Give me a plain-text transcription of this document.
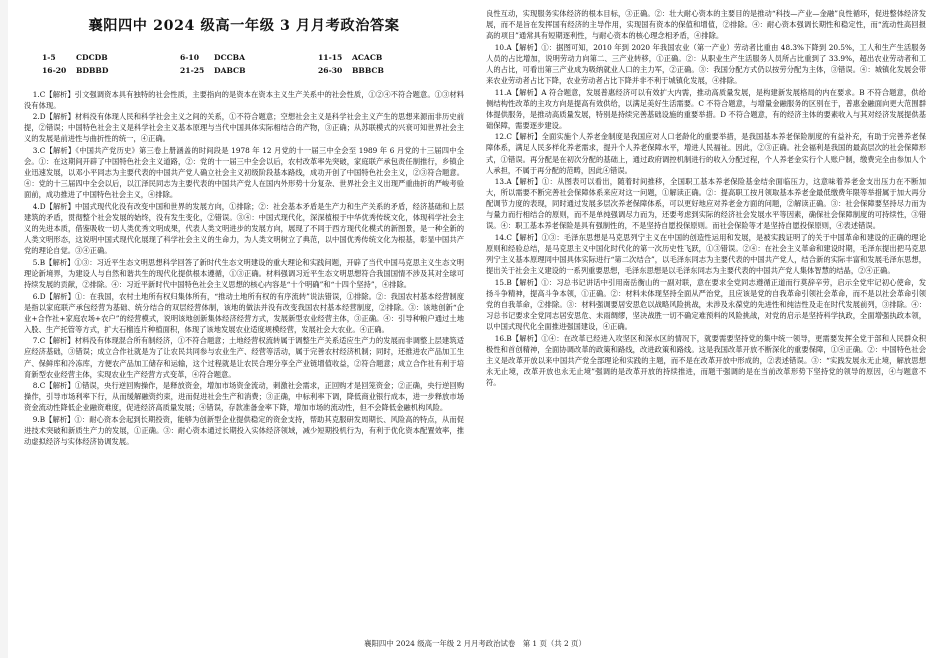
襄阳四中 2024 级高一年级 3 月月考政治答案
1-5	CDCDB	6-10	DCCBA	11-15	ACACB
16-20	BDBBD	21-25	DABCB	26-30	BBBCB

1.C【解析】引文强调资本具有独特的社会性质，主要指向的是资本在资本主义生产关系中的社会性质，①②④不符合题意。①③材料没有体现。

2.D【解析】材料没有体现人民和科学社会主义之间的关系，①不符合题意；空想社会主义是科学社会主义产生的思想来源而非历史前提，②错误；中国特色社会主义是科学社会主义基本原理与当代中国具体实际相结合的产物，③正确；从苏联模式的兴衰可知世界社会主义的发展是前进性与曲折性的统一，④正确。

3.C【解析】《中国共产党历史》第三卷上册涵盖的时间段是 1978 年 12 月党的十一届三中全会至 1989 年 6 月党的十三届四中全会。①：在这期间开辟了中国特色社会主义道路，②：党的十一届三中全会以后，农村改革率先突破，家庭联产承包责任制推行，乡镇企业迅速发展，以邓小平同志为主要代表的中国共产党人确立社会主义初级阶段基本路线，成功开创了中国特色社会主义，②③符合题意。④：党的十三届四中全会以后，以江泽民同志为主要代表的中国共产党人在国内外形势十分复杂、世界社会主义出现严重曲折的严峻考验面前，成功推进了中国特色社会主义，④排除。

4.D【解析】中国式现代化没有改变中国和世界的发展方向，①排除；②：社会基本矛盾是生产力和生产关系的矛盾，经济基础和上层建筑的矛盾，贯彻整个社会发展的始终，没有发生变化，②错误。③④：中国式现代化，深深植根于中华优秀传统文化，体现科学社会主义的先进本质，借鉴吸收一切人类优秀文明成果，代表人类文明进步的发展方向，展现了不同于西方现代化模式的新图景，是一种全新的人类文明形态，这说明中国式现代化展现了科学社会主义的生命力，为人类文明树立了典范，以中国优秀传统文化为根基，彰显中国共产党的理论自觉。③④正确。

5.B【解析】①③：习近平生态文明思想科学回答了新时代生态文明建设的重大理论和实践问题，开辟了当代中国马克思主义生态文明理论新境界，为建设人与自然和谐共生的现代化提供根本遵循，①③正确。材料强调习近平生态文明思想符合我国国情不涉及其对全球可持续发展的贡献，②排除。④：习近平新时代中国特色社会主义思想的核心内容是“十个明确”和“十四个坚持”，④排除。

6.D【解析】①：在我国，农村土地所有权归集体所有，“推动土地所有权的有序流转”说法错误，①排除。②：我国农村基本经营制度是指以家庭联产承包经营为基础、统分结合的双层经营体制，该地的做法并没有改变我国农村基本经营制度，②排除。③：该地创新“企业+合作社+家庭农场+农户”的经营模式，说明该地创新集体经济经营方式，发展新型农业经营主体，③正确。④：引导种粮户通过土地入股、生产托管等方式，扩大石榴连片种植面积，体现了该地发展农业适度规模经营，发展社会大农业。④正确。

7.C【解析】材料没有体现混合所有制经济，①不符合题意；土地经营权流转属于调整生产关系适应生产力的发展而非调整上层建筑适应经济基础，③错误；成立合作社就是为了让农民共同参与农业生产、经营等活动，属于完善农村经济机制；同时，还推进农产品加工生产、保鲜库和冷冻库，方便农产品加工储存和运输，这个过程就是让农民合理分享全产业链增值收益，②符合题意；成立合作社有利于培育新型农业经营主体，实现农业生产经营方式变革，④符合题意。

8.C【解析】①错误，央行逆回购操作，是释放资金，增加市场资金流动，刺激社会需求，正回购才是回笼资金；②正确，央行逆回购操作，引导市场利率下行，从而缓解融资约束，进而促进社会生产和消费；③正确，中标利率下调，降低商业银行成本，进一步释放市场资金流动性降低企业融资难度，促进经济高质量发展；④错误，存款准备金率下降，增加市场的流动性，但不会降低金融机构风险。

9.B【解析】①：耐心资本会起到长期投资，能够为创新型企业提供稳定的资金支持，帮助其克服研发周期长、风险高的特点，从而促进技术突破和新质生产力的发展，①正确。③：耐心资本通过长期投入实体经济领域，减少短期投机行为，有利于优化资本配置效率，推动虚拟经济与实体经济协调发展。

良性互动，实现服务实体经济的根本目标，③正确。②：壮大耐心资本的主要目的是推动“科技—产业—金融”良性循环，促进整体经济发展，而不是旨在发挥国有经济的主导作用，实现国有资本的保值和增值，②排除。④：耐心资本强调长期性和稳定性，而“流动性高回报高的项目”通常具有短期逐利性，与耐心资本的核心理念相矛盾，④排除。

10.A【解析】①：据图可知，2010 年到 2020 年我国农业（第一产业）劳动者比重由 48.3%下降到 20.5%，工人和生产生活服务人员的占比增加，说明劳动力向第二、三产业转移，①正确。②：从职业生产生活服务人员所占比重到了 33.9%，超出农业劳动者和工人的占比，可看出第三产业成为吸纳就业人口的主力军，②正确。③：我国分配方式仍以按劳分配为主体，③错误。④：城镇化发展会带来农业劳动者占比下降，农业劳动者占比下降并非不利于城镇化发展，④排除。

11.A【解析】A 符合题意，发展普惠经济可以有效扩大内需，推动高质量发展，是构建新发展格局的内在要求。B 不符合题意，供给侧结构性改革的主攻方向是提高有效供给，以满足美好生活需要。C 不符合题意，与增量金融服务的区别在于，普惠金融面向更大范围群体提供服务，是推动高质量发展，特别是持续完善基础设施的重要举措。D 不符合题意，有的经济主体的要素收入与其对经济发展提供基础保障，需要逐步建设。

12.C【解析】全面实施个人养老金制度是我国应对人口老龄化的重要举措，是我国基本养老保险制度的有益补充，有助于完善养老保障体系，满足人民多样化养老需求，提升个人养老保障水平，增进人民福祉。因此，②③正确。社会福利是我国的最高层次的社会保障形式，①错误。再分配是在初次分配的基础上，通过政府调控机制进行的收入分配过程，个人养老金实行个人账户制，缴费完全由参加人个人承担，不属于再分配的范畴，因此④错误。

13.A【解析】①：从图表可以看出，随着时间推移，全国职工基本养老保险基金结余面临压力，这意味着养老金支出压力在不断加大，所以需要不断完善社会保障体系来应对这一问题，①解读正确。②：提高职工按月领取基本养老金最低缴费年限等举措属于加大再分配调节力度的表现，同时通过发展多层次养老保障体系，可以更好地应对养老金方面的问题，②解读正确。③：社会保障要坚持尽力而为与量力而行相结合的原则，而不是单纯强调尽力而为，还要考虑到实际的经济社会发展水平等因素，确保社会保障制度的可持续性，③错误。④：职工基本养老保险是具有强制性的，不是坚持自愿投保原则。而社会保险等才是坚持自愿投保原则，④表述错误。

14.C【解析】①③：毛泽东思想是马克思列宁主义在中国的创造性运用和发展，是被实践证明了的关于中国革命和建设的正确的理论原则和经验总结，是马克思主义中国化时代化的第一次历史性飞跃，①③错误。②④：在社会主义革命和建设时期，毛泽东提出把马克思列宁主义基本原理同中国具体实际进行“第二次结合”，以毛泽东同志为主要代表的中国共产党人，结合新的实际丰富和发展毛泽东思想，提出关于社会主义建设的一系列重要思想，毛泽东思想是以毛泽东同志为主要代表的中国共产党人集体智慧的结晶，②④正确。

15.B【解析】①：习总书记讲话中引用南岳衡山的一副对联，意在要求全党同志遵循正道而行莫辞辛劳，启示全党牢记初心使命，发扬斗争精神，提高斗争本领，①正确。②：材料未体现坚持全面从严治党，且应该是党的自我革命引领社会革命，而不是以社会革命引领党的自我革命，②排除。③：材料强调要居安思危以战略风险挑战，未涉及永葆党的先进性和纯洁性及走在时代发展前列，③排除。④：习总书记要求全党同志居安思危、未雨绸缪，坚决战胜一切不确定难预料的风险挑战，对党的启示是坚持科学执政，全面增强执政本领，以中国式现代化全面推进强国建设，④正确。

16.B【解析】①④：在改革已经进入攻坚区和深水区的情况下，就要需要坚持党的集中统一领导，更需要发挥全党于部和人民群众积极性和首创精神，全面协调改革的政策和路线，改进政策和路线。这是我国改革开放不断深化的重要保障，①④正确。②：中国特色社会主义是改革开放以来中国共产党全部理论和实践的主题，而不是在改革开放中形成的，②表述错误。③：“实践发展永无止境，解放思想永无止境，改革开放也永无止境”强调的是改革开放的持续推进，而题干强调的是在当前改革形势下坚持党的领导的原因，④与题意不符。

襄阳四中 2024 级高一年级 2 月月考政治试卷　第 1 页（共 2 页）
